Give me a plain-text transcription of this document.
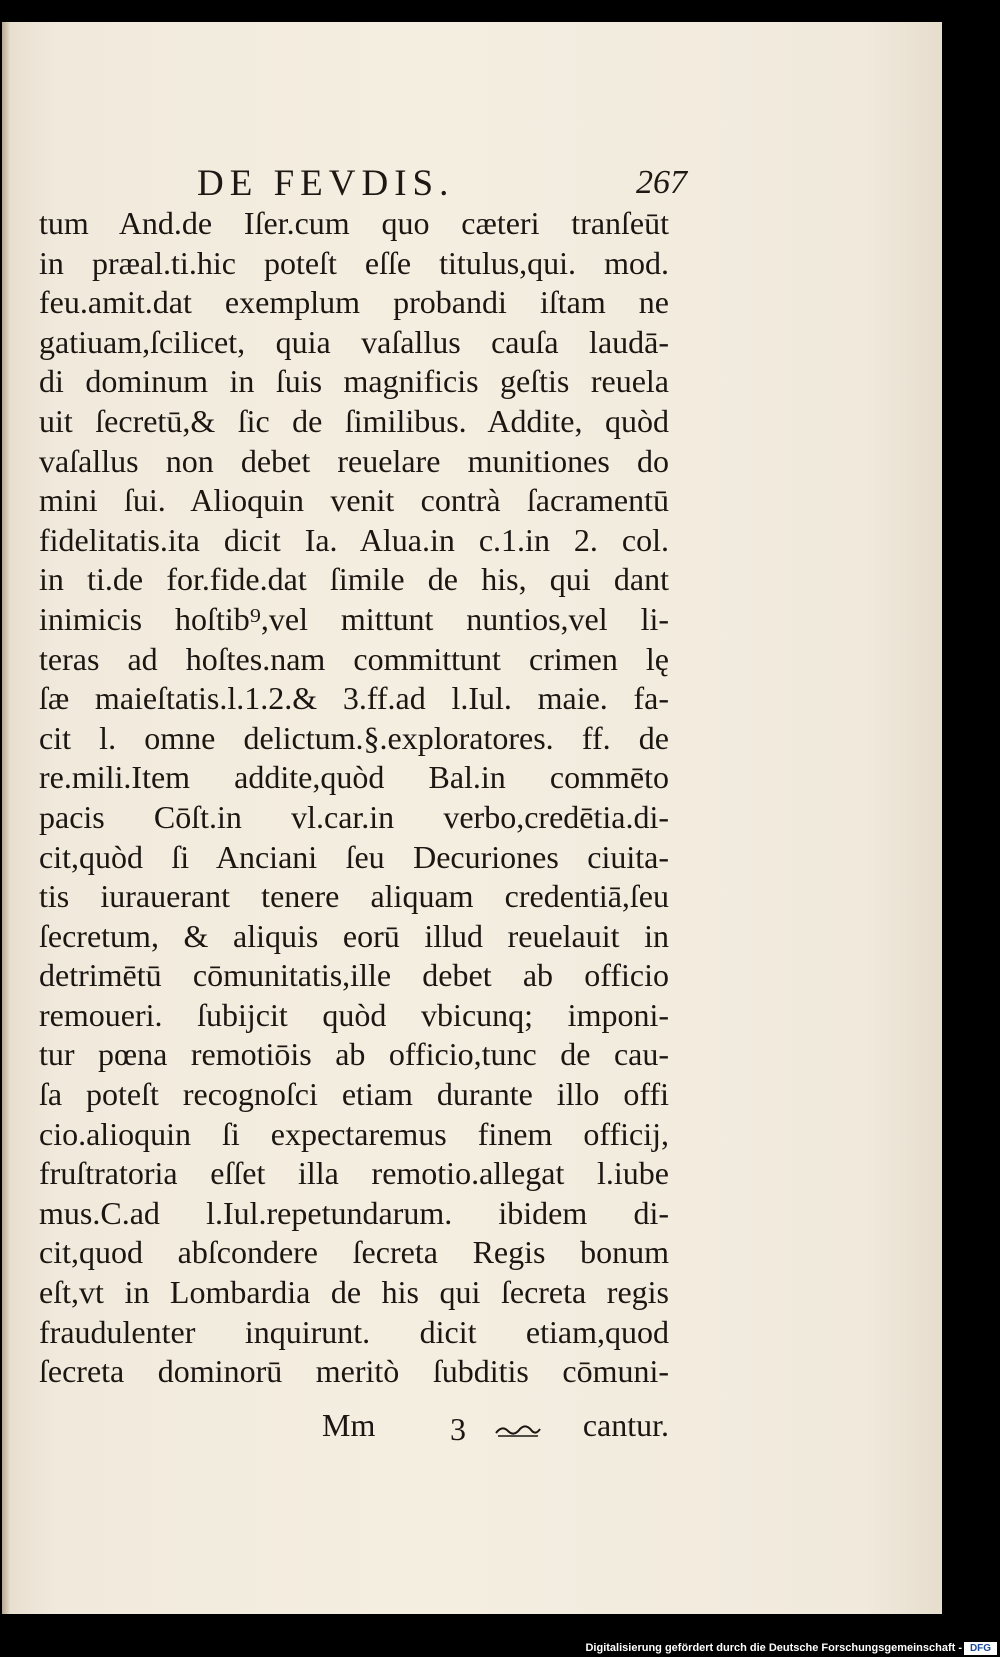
DE FEVDIS.	267
tum And.de Iſer.cum quo cæteri tranſeūt
in præal.ti.hic poteſt eſſe titulus,qui. mod.
feu.amit.dat exemplum probandi iſtam ne
gatiuam,ſcilicet, quia vaſallus cauſa laudā-
di dominum in ſuis magnificis geſtis reuela
uit ſecretū,& ſic de ſimilibus. Addite, quòd
vaſallus non debet reuelare munitiones do
mini ſui. Alioquin venit contrà ſacramentū
fidelitatis.ita dicit Ia. Alua.in c.1.in 2. col.
in ti.de for.fide.dat ſimile de his, qui dant
inimicis hoſtib⁹,vel mittunt nuntios,vel li-
teras ad hoſtes.nam committunt crimen lę
ſæ maieſtatis.l.1.2.& 3.ff.ad l.Iul. maie. fa-
cit l. omne delictum.§.exploratores. ff. de
re.mili.Item addite,quòd Bal.in commēto
pacis Cōſt.in vl.car.in verbo,credētia.di-
cit,quòd ſi Anciani ſeu Decuriones ciuita-
tis iurauerant tenere aliquam credentiā,ſeu
ſecretum, & aliquis eorū illud reuelauit in
detrimētū cōmunitatis,ille debet ab officio
remoueri. ſubijcit quòd vbicunq; imponi-
tur pœna remotiōis ab officio,tunc de cau-
ſa poteſt recognoſci etiam durante illo offi
cio.alioquin ſi expectaremus finem officij,
fruſtratoria eſſet illa remotio.allegat l.iube
mus.C.ad l.Iul.repetundarum. ibidem di-
cit,quod abſcondere ſecreta Regis bonum
eſt,vt in Lombardia de his qui ſecreta regis
fraudulenter inquirunt. dicit etiam,quod
ſecreta dominorū meritò ſubditis cōmuni-
Mm 3	cantur.
Digitalisierung gefördert durch die Deutsche Forschungsgemeinschaft - DFG
